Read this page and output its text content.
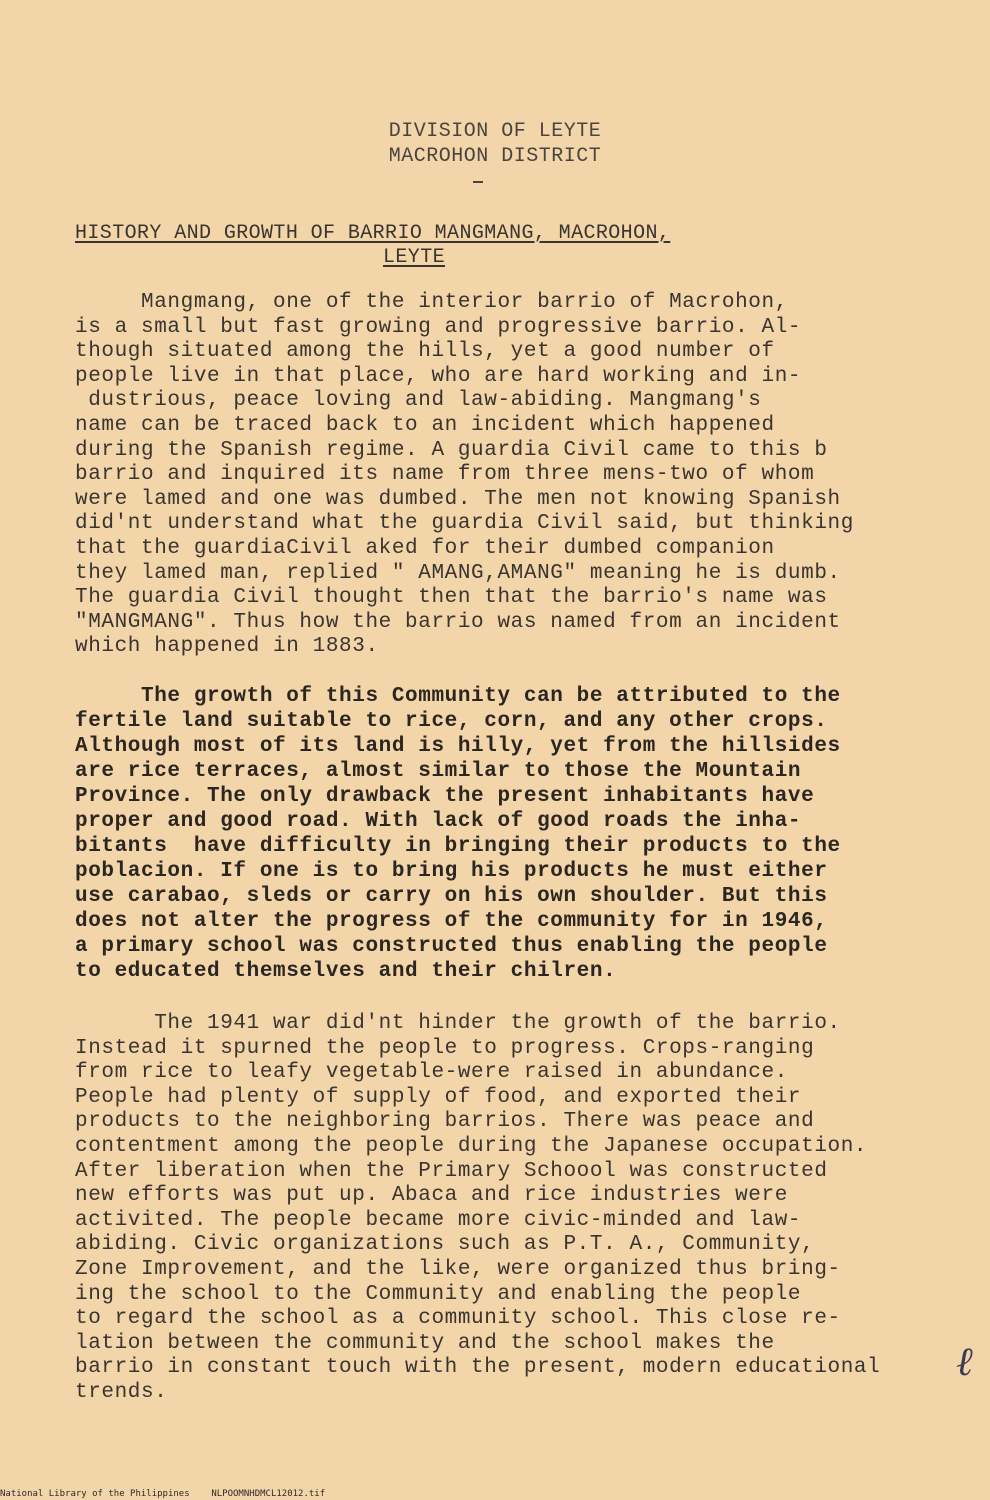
DIVISION OF LEYTE
MACROHON DISTRICT
HISTORY AND GROWTH OF BARRIO MANGMANG, MACROHON,
LEYTE
Mangmang, one of the interior barrio of Macrohon,
is a small but fast growing and progressive barrio. Al-
though situated among the hills, yet a good number of
people live in that place, who are hard working and in-
dustrious, peace loving and law-abiding. Mangmang's
name can be traced back to an incident which happened
during the Spanish regime. A guardia Civil came to this b
barrio and inquired its name from three mens-two of whom
were lamed and one was dumbed. The men not knowing Spanish
did'nt understand what the guardia Civil said, but thinking
that the guardiaCivil aked for their dumbed companion
they lamed man, replied " AMANG,AMANG" meaning he is dumb.
The guardia Civil thought then that the barrio's name was
"MANGMANG". Thus how the barrio was named from an incident
which happened in 1883.
The growth of this Community can be attributed to the
fertile land suitable to rice, corn, and any other crops.
Although most of its land is hilly, yet from the hillsides
are rice terraces, almost similar to those the Mountain
Province. The only drawback the present inhabitants have
proper and good road. With lack of good roads the inha-
bitants  have difficulty in bringing their products to the
poblacion. If one is to bring his products he must either
use carabao, sleds or carry on his own shoulder. But this
does not alter the progress of the community for in 1946,
a primary school was constructed thus enabling the people
to educated themselves and their chilren.
The 1941 war did'nt hinder the growth of the barrio.
Instead it spurned the people to progress. Crops-ranging
from rice to leafy vegetable-were raised in abundance.
People had plenty of supply of food, and exported their
products to the neighboring barrios. There was peace and
contentment among the people during the Japanese occupation.
After liberation when the Primary Schoool was constructed
new efforts was put up. Abaca and rice industries were
activited. The people became more civic-minded and law-
abiding. Civic organizations such as P.T. A., Community,
Zone Improvement, and the like, were organized thus bring-
ing the school to the Community and enabling the people
to regard the school as a community school. This close re-
lation between the community and the school makes the
barrio in constant touch with the present, modern educational
trends.
ℓ
National Library of the Philippines NLPOOMNHDMCL12012.tif
